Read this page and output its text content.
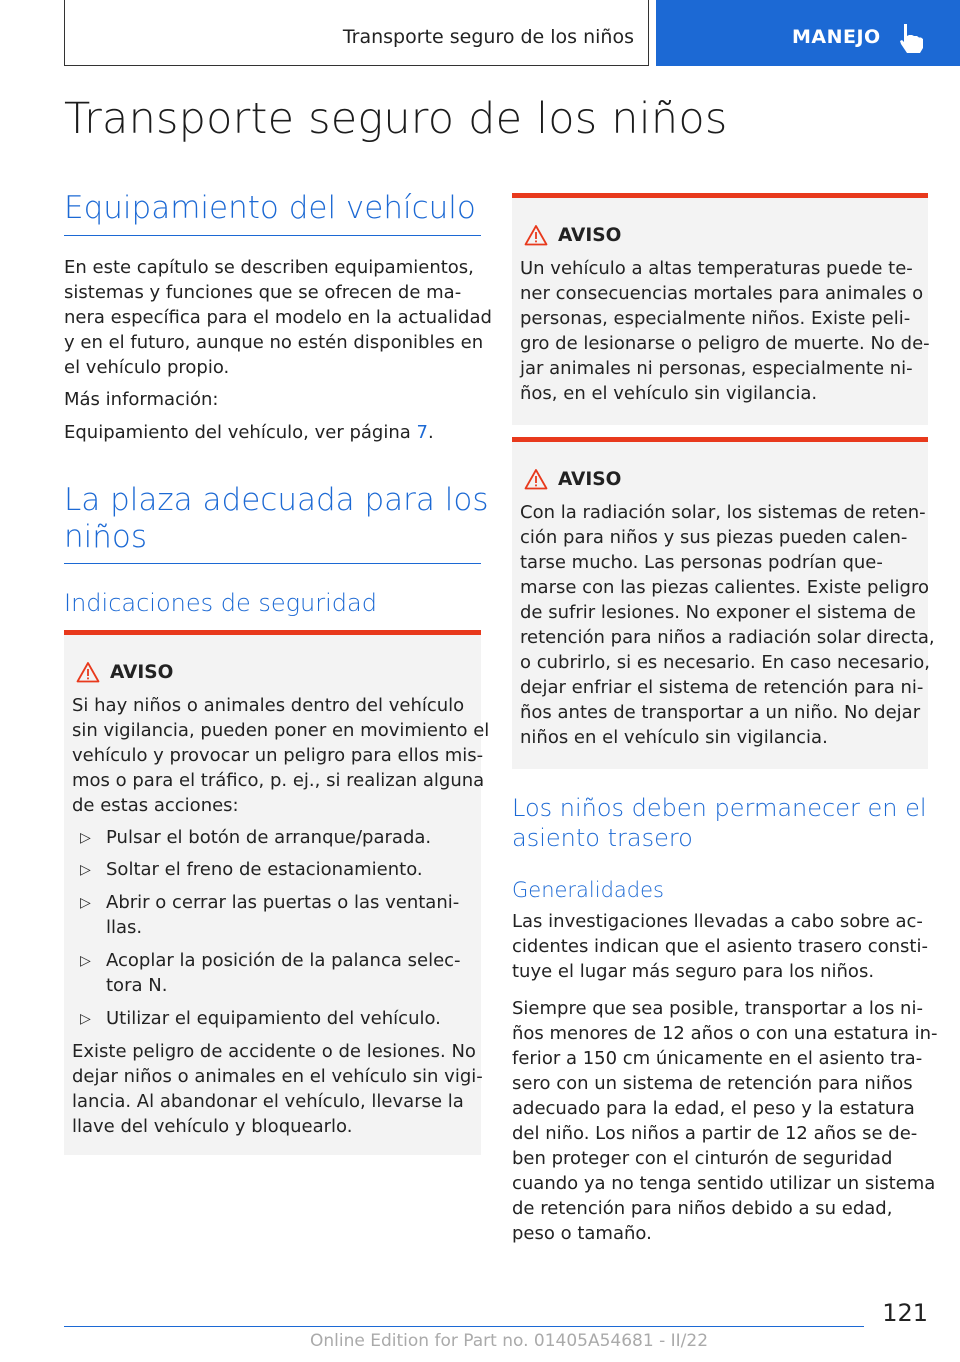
Transporte seguro de los niños	MANEJO
Transporte seguro de los niños
Equipamiento del vehículo
En este capítulo se describen equipamientos,
sistemas y funciones que se ofrecen de ma-
nera específica para el modelo en la actualidad
y en el futuro, aunque no estén disponibles en
el vehículo propio.
Más información:
Equipamiento del vehículo, ver página 7.
La plaza adecuada para los
niños
Indicaciones de seguridad
AVISO
Si hay niños o animales dentro del vehículo
sin vigilancia, pueden poner en movimiento el
vehículo y provocar un peligro para ellos mis-
mos o para el tráfico, p. ej., si realizan alguna
de estas acciones:
▷ Pulsar el botón de arranque/parada.
▷ Soltar el freno de estacionamiento.
▷ Abrir o cerrar las puertas o las ventani-
llas.
▷ Acoplar la posición de la palanca selec-
tora N.
▷ Utilizar el equipamiento del vehículo.
Existe peligro de accidente o de lesiones. No
dejar niños o animales en el vehículo sin vigi-
lancia. Al abandonar el vehículo, llevarse la
llave del vehículo y bloquearlo.
AVISO
Un vehículo a altas temperaturas puede te-
ner consecuencias mortales para animales o
personas, especialmente niños. Existe peli-
gro de lesionarse o peligro de muerte. No de-
jar animales ni personas, especialmente ni-
ños, en el vehículo sin vigilancia.
AVISO
Con la radiación solar, los sistemas de reten-
ción para niños y sus piezas pueden calen-
tarse mucho. Las personas podrían que-
marse con las piezas calientes. Existe peligro
de sufrir lesiones. No exponer el sistema de
retención para niños a radiación solar directa,
o cubrirlo, si es necesario. En caso necesario,
dejar enfriar el sistema de retención para ni-
ños antes de transportar a un niño. No dejar
niños en el vehículo sin vigilancia.
Los niños deben permanecer en el
asiento trasero
Generalidades
Las investigaciones llevadas a cabo sobre ac-
cidentes indican que el asiento trasero consti-
tuye el lugar más seguro para los niños.
Siempre que sea posible, transportar a los ni-
ños menores de 12 años o con una estatura in-
ferior a 150 cm únicamente en el asiento tra-
sero con un sistema de retención para niños
adecuado para la edad, el peso y la estatura
del niño. Los niños a partir de 12 años se de-
ben proteger con el cinturón de seguridad
cuando ya no tenga sentido utilizar un sistema
de retención para niños debido a su edad,
peso o tamaño.
121
Online Edition for Part no. 01405A54681 - II/22
